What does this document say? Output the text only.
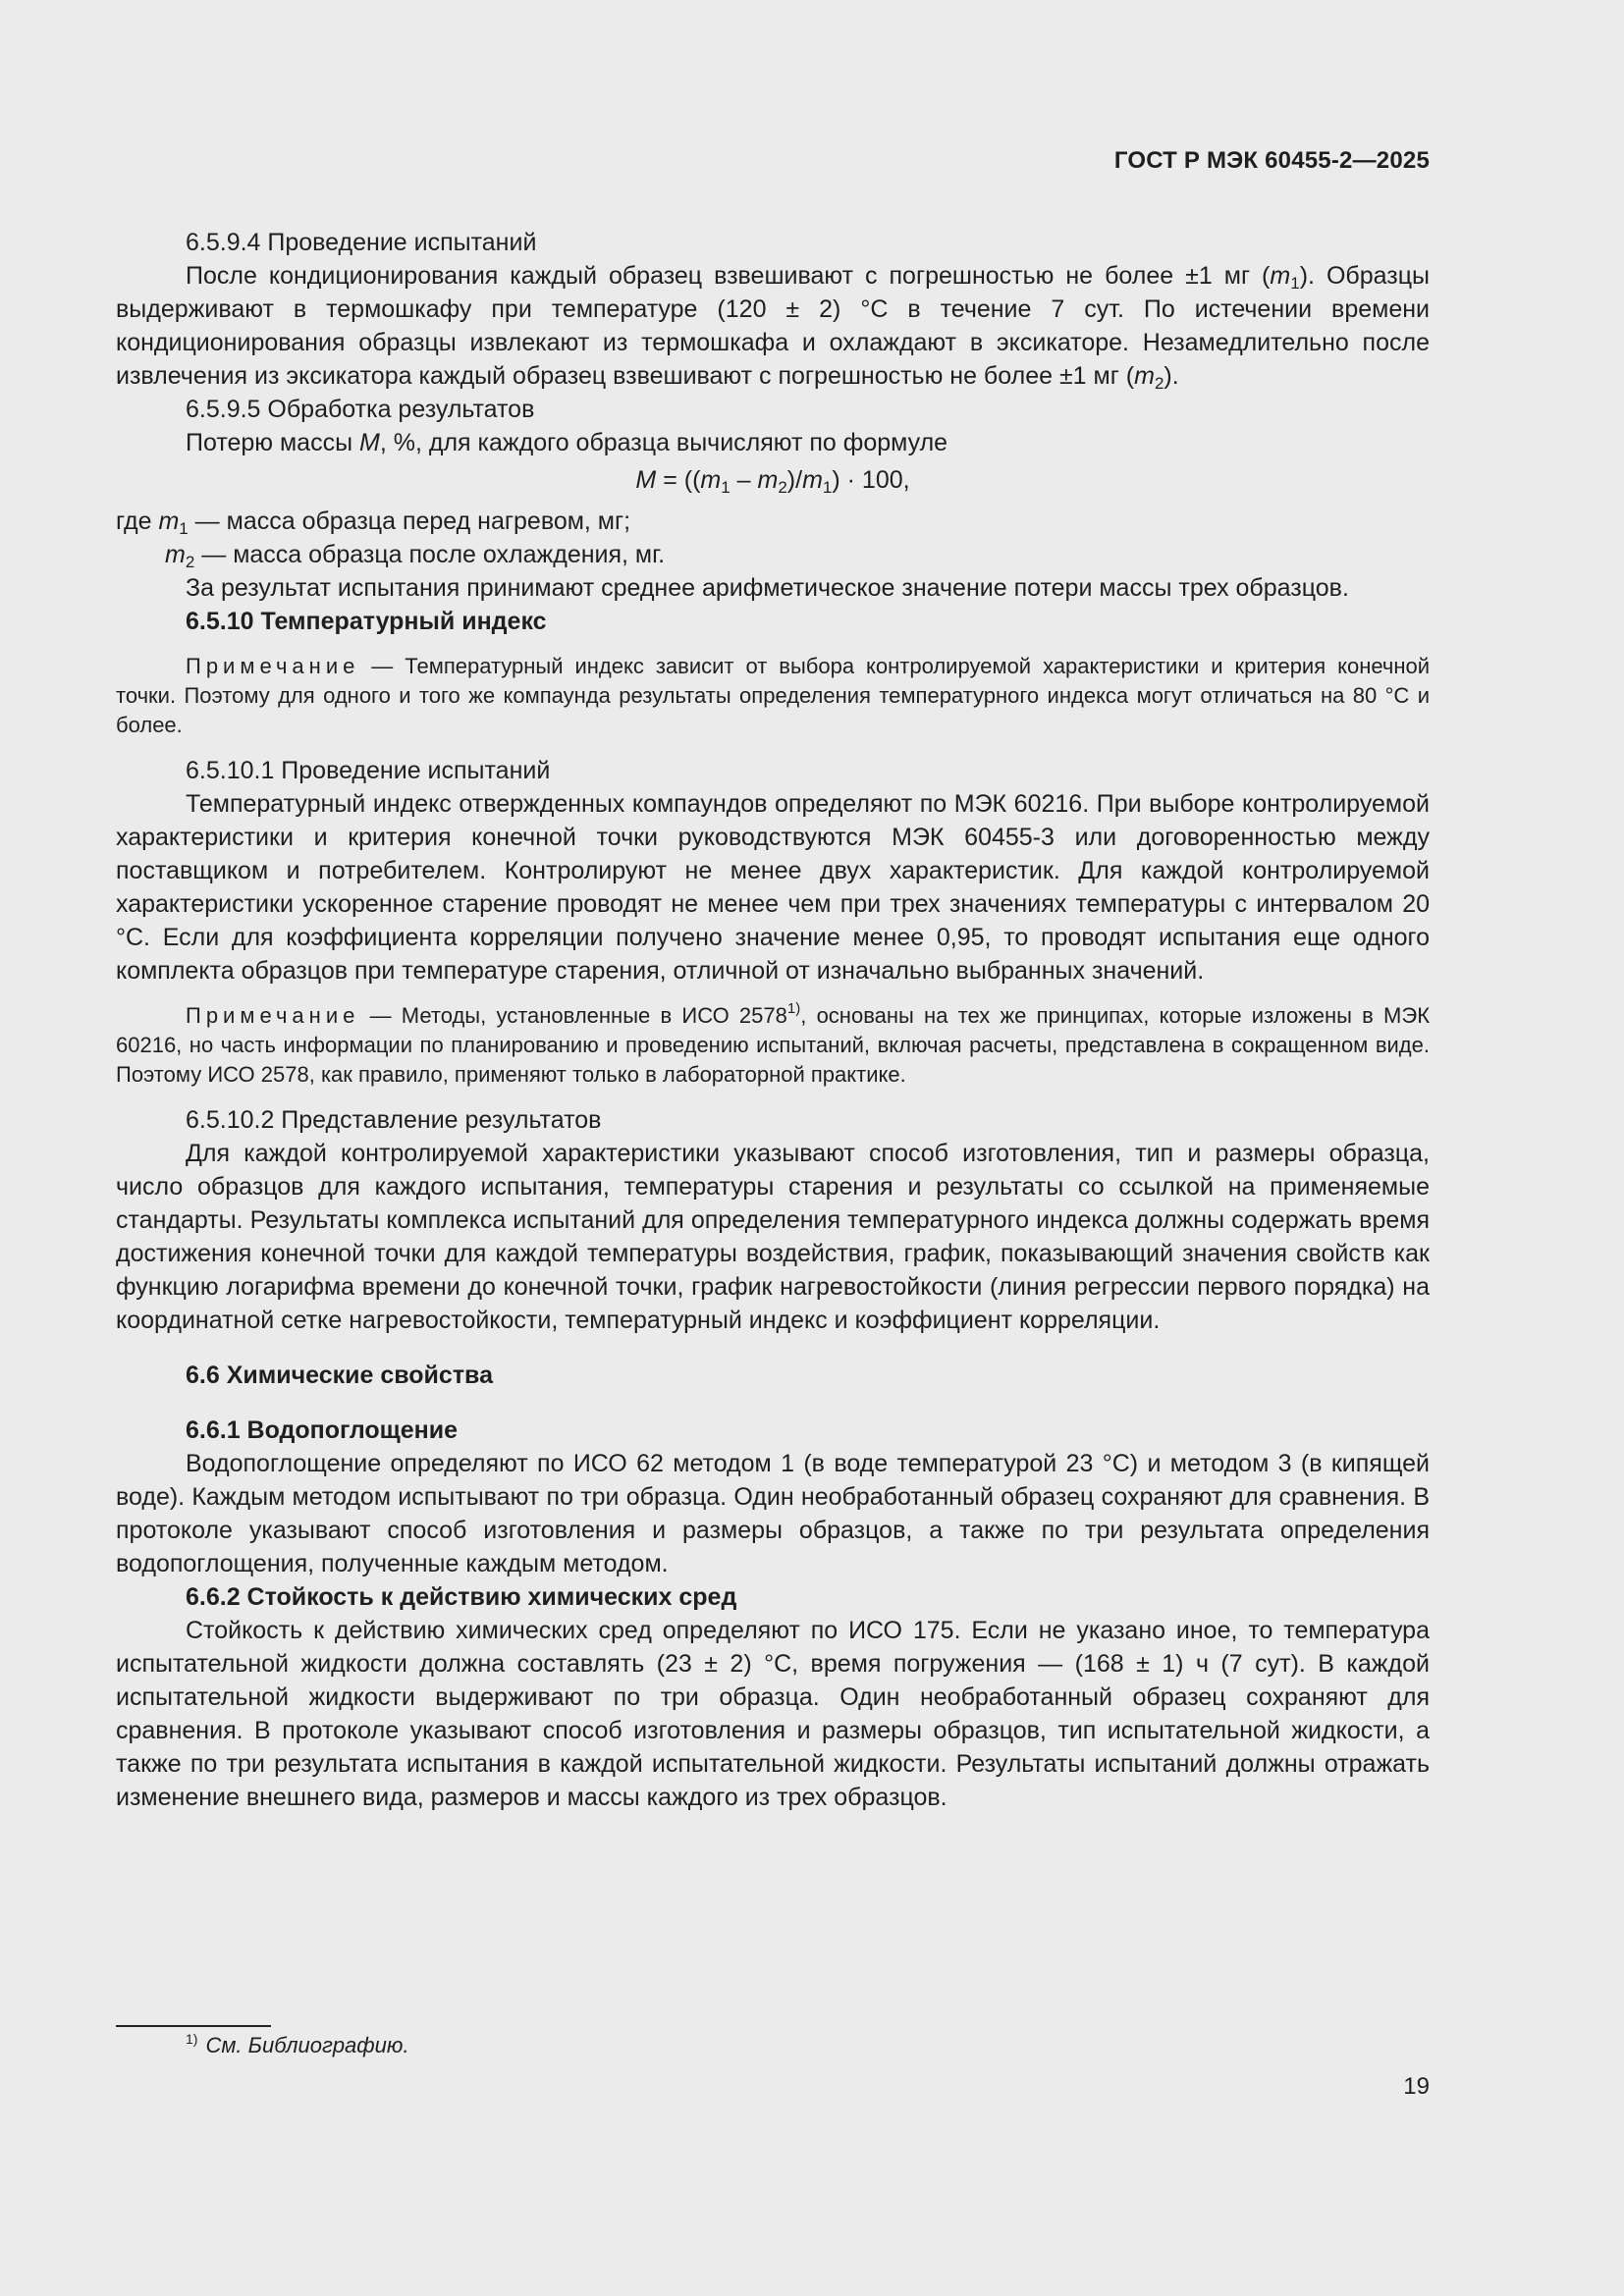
ГОСТ Р МЭК 60455-2—2025

6.5.9.4 Проведение испытаний

После кондиционирования каждый образец взвешивают с погрешностью не более ±1 мг $(m_1)$. Образцы выдерживают в термошкафу при температуре (120 ± 2) °С в течение 7 сут. По истечении времени кондиционирования образцы извлекают из термошкафа и охлаждают в эксикаторе. Незамедлительно после извлечения из эксикатора каждый образец взвешивают с погрешностью не более ±1 мг $(m_2)$.

6.5.9.5 Обработка результатов

Потерю массы M, %, для каждого образца вычисляют по формуле

$M = ((m_1 - m_2)/m_1) \cdot 100$,

где $m_1$ — масса образца перед нагревом, мг;

$m_2$ — масса образца после охлаждения, мг.

За результат испытания принимают среднее арифметическое значение потери массы трех образцов.

6.5.10 Температурный индекс

Примечание — Температурный индекс зависит от выбора контролируемой характеристики и критерия конечной точки. Поэтому для одного и того же компаунда результаты определения температурного индекса могут отличаться на 80 °С и более.

6.5.10.1 Проведение испытаний

Температурный индекс отвержденных компаундов определяют по МЭК 60216. При выборе контролируемой характеристики и критерия конечной точки руководствуются МЭК 60455-3 или договоренностью между поставщиком и потребителем. Контролируют не менее двух характеристик. Для каждой контролируемой характеристики ускоренное старение проводят не менее чем при трех значениях температуры с интервалом 20 °С. Если для коэффициента корреляции получено значение менее 0,95, то проводят испытания еще одного комплекта образцов при температуре старения, отличной от изначально выбранных значений.

Примечание — Методы, установленные в ИСО 2578$^{1)}$, основаны на тех же принципах, которые изложены в МЭК 60216, но часть информации по планированию и проведению испытаний, включая расчеты, представлена в сокращенном виде. Поэтому ИСО 2578, как правило, применяют только в лабораторной практике.

6.5.10.2 Представление результатов

Для каждой контролируемой характеристики указывают способ изготовления, тип и размеры образца, число образцов для каждого испытания, температуры старения и результаты со ссылкой на применяемые стандарты. Результаты комплекса испытаний для определения температурного индекса должны содержать время достижения конечной точки для каждой температуры воздействия, график, показывающий значения свойств как функцию логарифма времени до конечной точки, график нагревостойкости (линия регрессии первого порядка) на координатной сетке нагревостойкости, температурный индекс и коэффициент корреляции.

6.6 Химические свойства

6.6.1 Водопоглощение

Водопоглощение определяют по ИСО 62 методом 1 (в воде температурой 23 °С) и методом 3 (в кипящей воде). Каждым методом испытывают по три образца. Один необработанный образец сохраняют для сравнения. В протоколе указывают способ изготовления и размеры образцов, а также по три результата определения водопоглощения, полученные каждым методом.

6.6.2 Стойкость к действию химических сред

Стойкость к действию химических сред определяют по ИСО 175. Если не указано иное, то температура испытательной жидкости должна составлять (23 ± 2) °С, время погружения — (168 ± 1) ч (7 сут). В каждой испытательной жидкости выдерживают по три образца. Один необработанный образец сохраняют для сравнения. В протоколе указывают способ изготовления и размеры образцов, тип испытательной жидкости, а также по три результата испытания в каждой испытательной жидкости. Результаты испытаний должны отражать изменение внешнего вида, размеров и массы каждого из трех образцов.

$^{1)}$ См. Библиографию.
19
